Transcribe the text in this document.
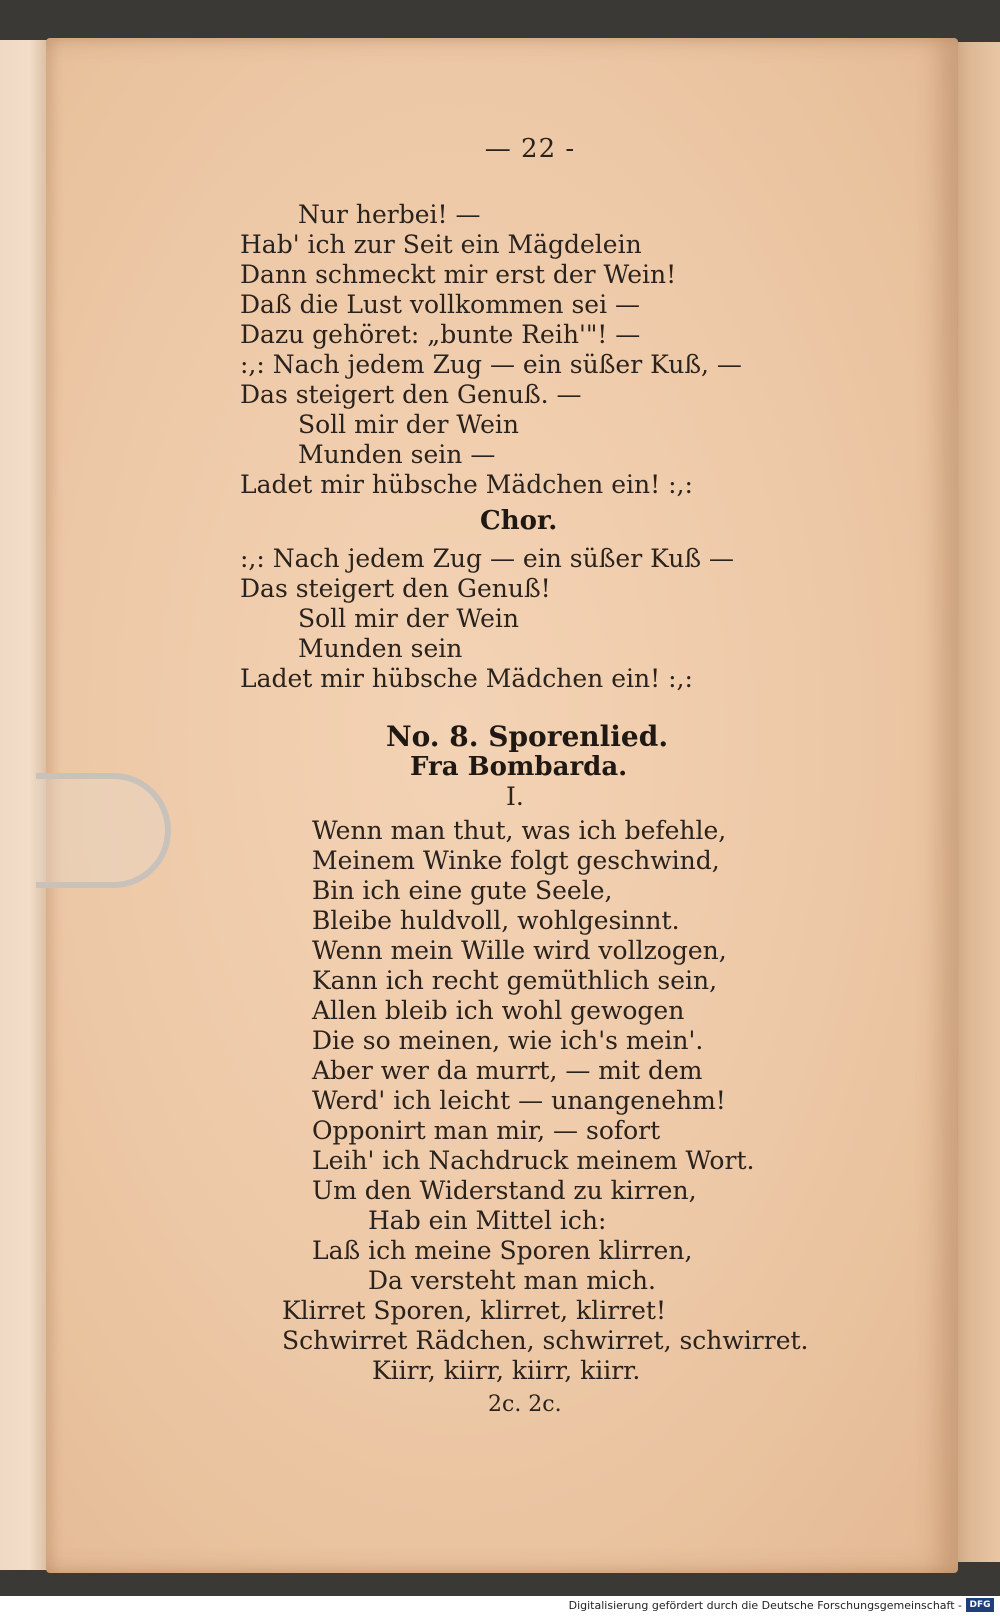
— 22 -
Nur herbei! —
Hab' ich zur Seit ein Mägdelein
Dann schmeckt mir erst der Wein!
Daß die Lust vollkommen sei —
Dazu gehöret: „bunte Reih'"! —
:,: Nach jedem Zug — ein süßer Kuß, —
Das steigert den Genuß. —
Soll mir der Wein
Munden sein —
Ladet mir hübsche Mädchen ein! :,:
Chor.
:,: Nach jedem Zug — ein süßer Kuß —
Das steigert den Genuß!
Soll mir der Wein
Munden sein
Ladet mir hübsche Mädchen ein! :,:
No. 8. Sporenlied.
Fra Bombarda.
I.
Wenn man thut, was ich befehle,
Meinem Winke folgt geschwind,
Bin ich eine gute Seele,
Bleibe huldvoll, wohlgesinnt.
Wenn mein Wille wird vollzogen,
Kann ich recht gemüthlich sein,
Allen bleib ich wohl gewogen
Die so meinen, wie ich's mein'.
Aber wer da murrt, — mit dem
Werd' ich leicht — unangenehm!
Opponirt man mir, — sofort
Leih' ich Nachdruck meinem Wort.
Um den Widerstand zu kirren,
Hab ein Mittel ich:
Laß ich meine Sporen klirren,
Da versteht man mich.
Klirret Sporen, klirret, klirret!
Schwirret Rädchen, schwirret, schwirret.
Kiirr, kiirr, kiirr, kiirr.
2c. 2c.
Digitalisierung gefördert durch die Deutsche Forschungsgemeinschaft - DFG
